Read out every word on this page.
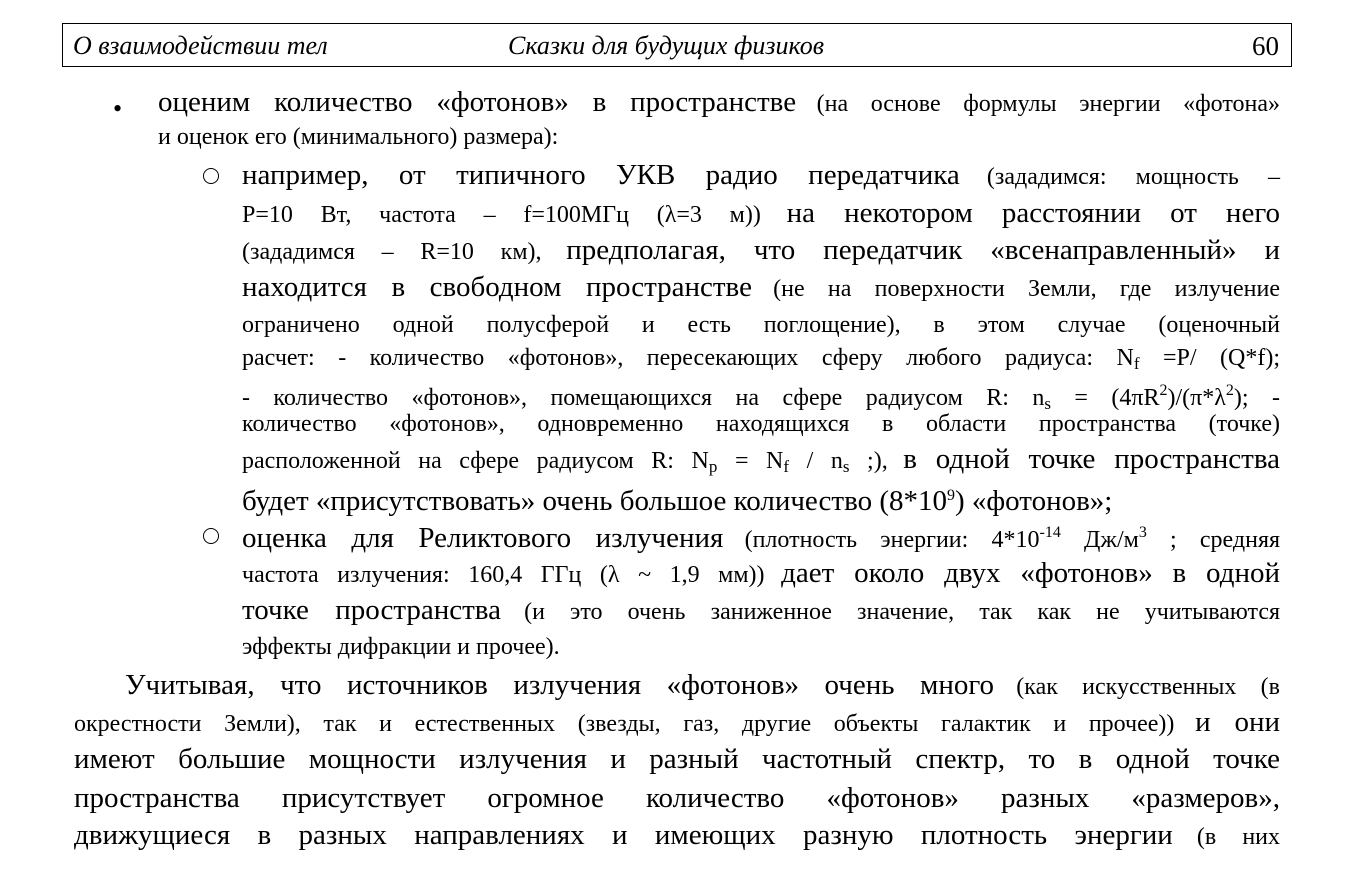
О взаимодействии тел	Сказки для будущих физиков	60
• оценим количество «фотонов» в пространстве (на основе формулы энергии «фотона»
и оценок его (минимального) размера):
например, от типичного УКВ радио передатчика (зададимся: мощность –
P=10 Вт, частота – f=100МГц (λ=3 м)) на некотором расстоянии от него
(зададимся – R=10 км), предполагая, что передатчик «всенаправленный» и
находится в свободном пространстве (не на поверхности Земли, где излучение
ограничено одной полусферой и есть поглощение), в этом случае (оценочный
расчет: - количество «фотонов», пересекающих сферу любого радиуса: $N_f =P/$ (Q*f);
- количество «фотонов», помещающихся на сфере радиусом R: $n_s = (4\pi R^2)/(\pi*\lambda^2)$; -
количество «фотонов», одновременно находящихся в области пространства (точке)
расположенной на сфере радиусом R: $N_p = N_f / n_s$ ;), в одной точке пространства
будет «присутствовать» очень большое количество $(8*10^9)$ «фотонов»;
оценка для Реликтового излучения (плотность энергии: $4*10^{-14}$ $Дж/м^3$ ; средняя
частота излучения: 160,4 ГГц (λ ~ 1,9 мм)) дает около двух «фотонов» в одной
точке пространства (и это очень заниженное значение, так как не учитываются
эффекты дифракции и прочее).
Учитывая, что источников излучения «фотонов» очень много (как искусственных (в
окрестности Земли), так и естественных (звезды, газ, другие объекты галактик и прочее)) и они
имеют большие мощности излучения и разный частотный спектр, то в одной точке
пространства присутствует огромное количество «фотонов» разных «размеров»,
движущиеся в разных направлениях и имеющих разную плотность энергии (в них
